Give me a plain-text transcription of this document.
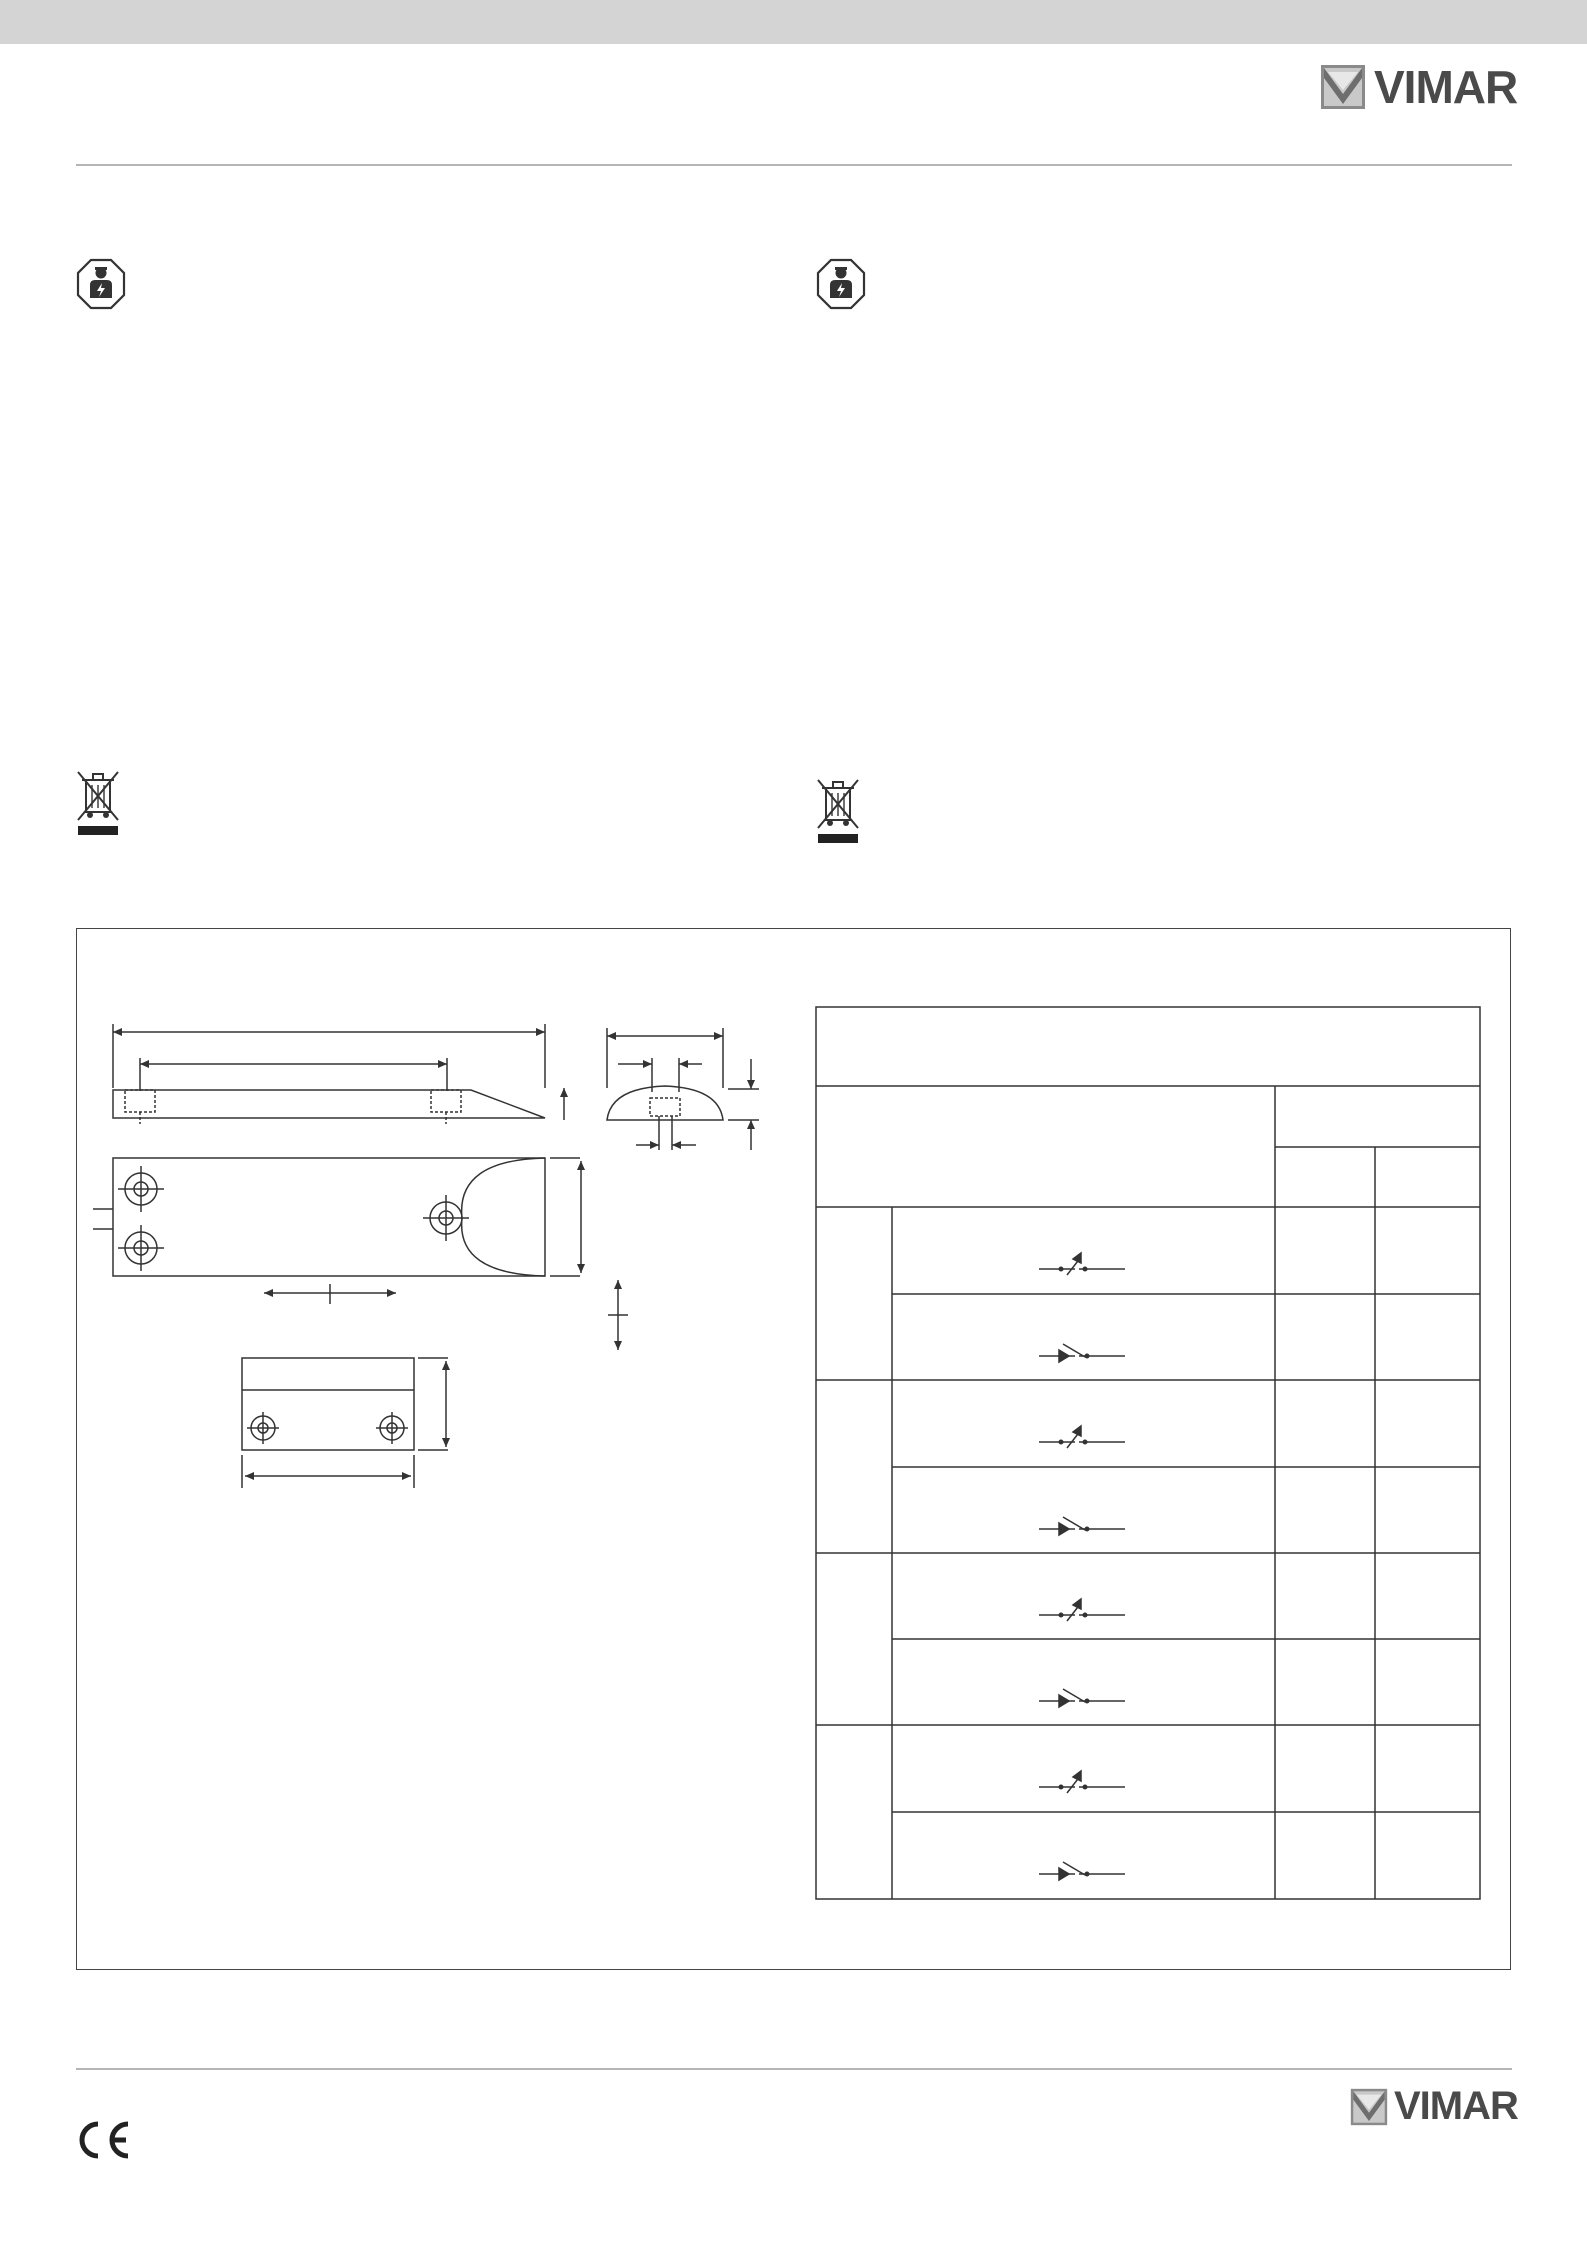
VIMAR
VIMAR
